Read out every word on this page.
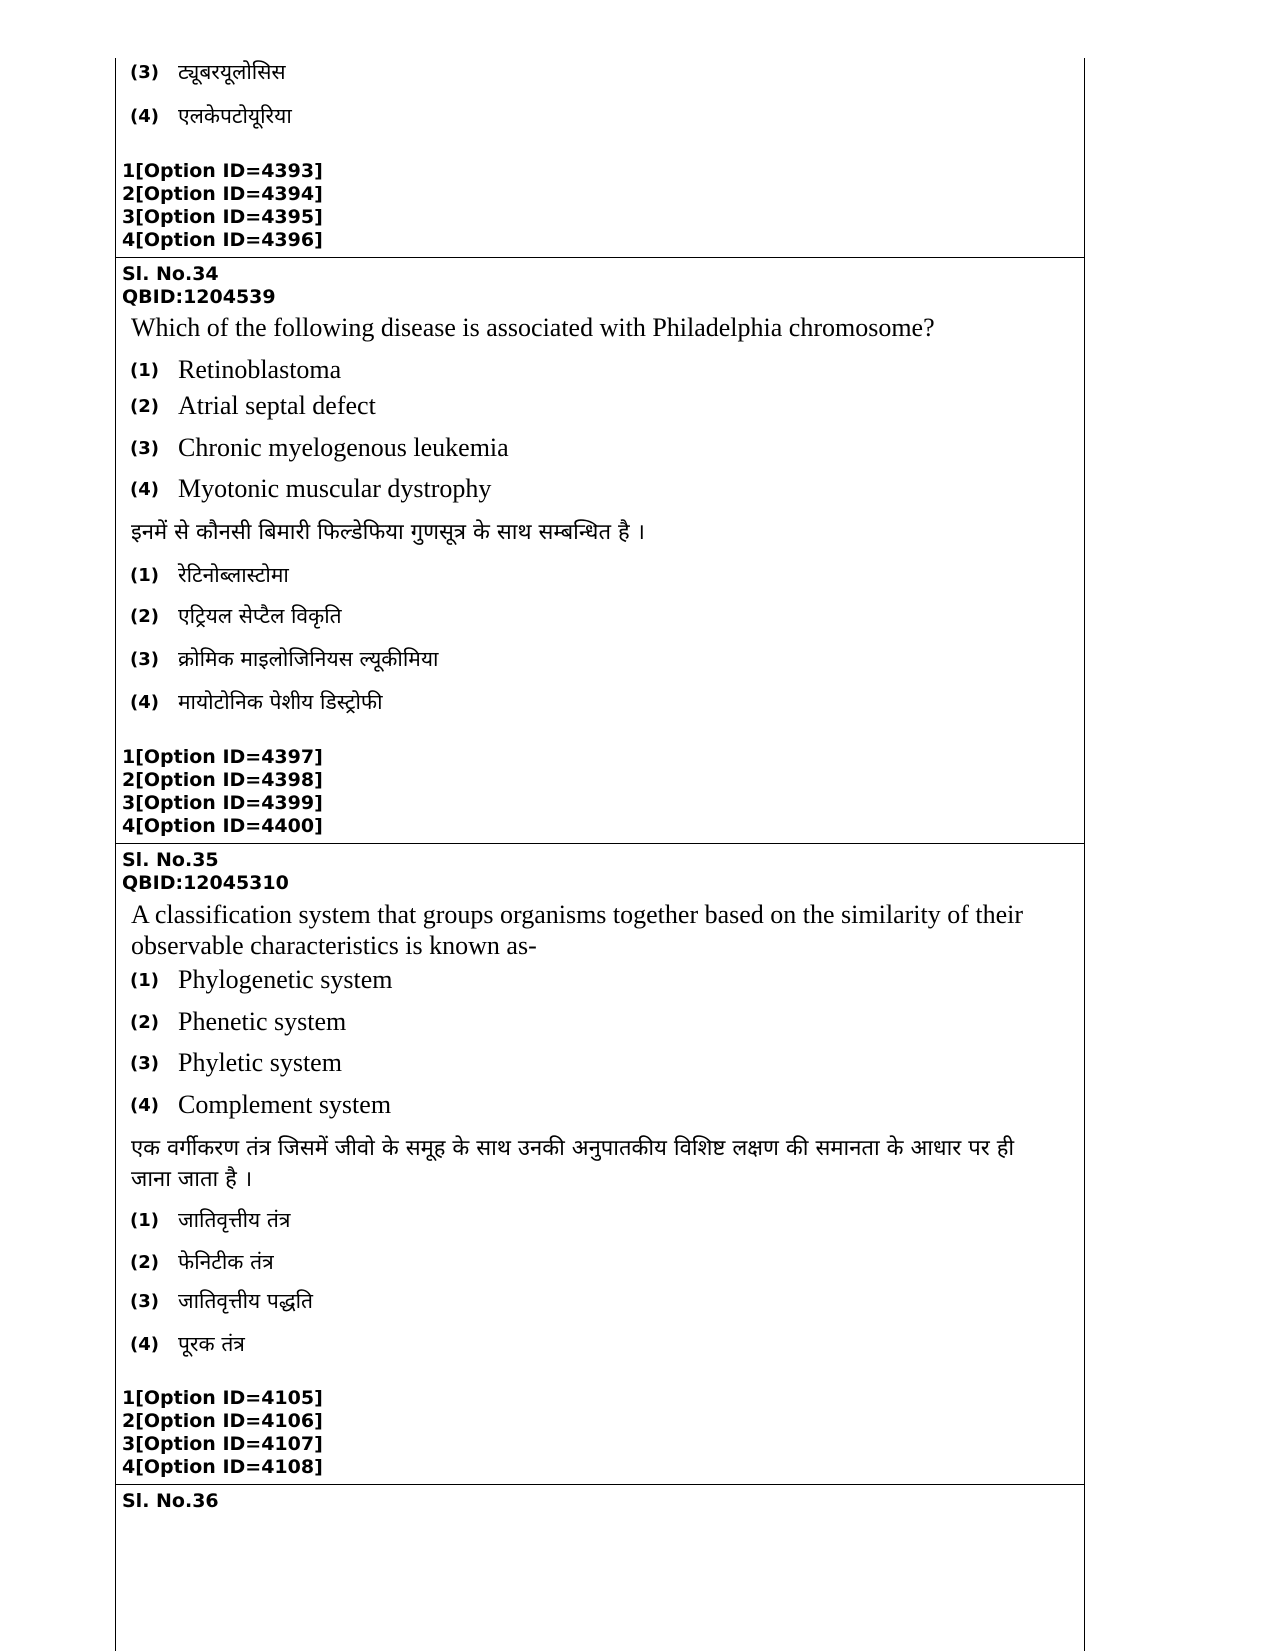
(3) ट्यूबरयूलोसिस
(4) एलकेपटोयूरिया

1[Option ID=4393]

2[Option ID=4394]

3[Option ID=4395]

4[Option ID=4396]

Sl. No.34

QBID:1204539

Which of the following disease is associated with Philadelphia chromosome?
(1) Retinoblastoma
(2) Atrial septal defect
(3) Chronic myelogenous leukemia
(4) Myotonic muscular dystrophy
इनमें से कौनसी बिमारी फिल्डेफिया गुणसूत्र के साथ सम्बन्धित है ।
(1) रेटिनोब्लास्टोमा
(2) एट्रियल सेप्टैल विकृति
(3) क्रोमिक माइलोजिनियस ल्यूकीमिया
(4) मायोटोनिक पेशीय डिस्ट्रोफी

1[Option ID=4397]

2[Option ID=4398]

3[Option ID=4399]

4[Option ID=4400]

Sl. No.35

QBID:12045310

A classification system that groups organisms together based on the similarity of their observable characteristics is known as-
(1) Phylogenetic system
(2) Phenetic system
(3) Phyletic system
(4) Complement system
एक वर्गीकरण तंत्र जिसमें जीवो के समूह के साथ उनकी अनुपातकीय विशिष्ट लक्षण की समानता के आधार पर ही जाना जाता है ।
(1) जातिवृत्तीय तंत्र
(2) फेनिटीक तंत्र
(3) जातिवृत्तीय पद्धति
(4) पूरक तंत्र

1[Option ID=4105]

2[Option ID=4106]

3[Option ID=4107]

4[Option ID=4108]

Sl. No.36
